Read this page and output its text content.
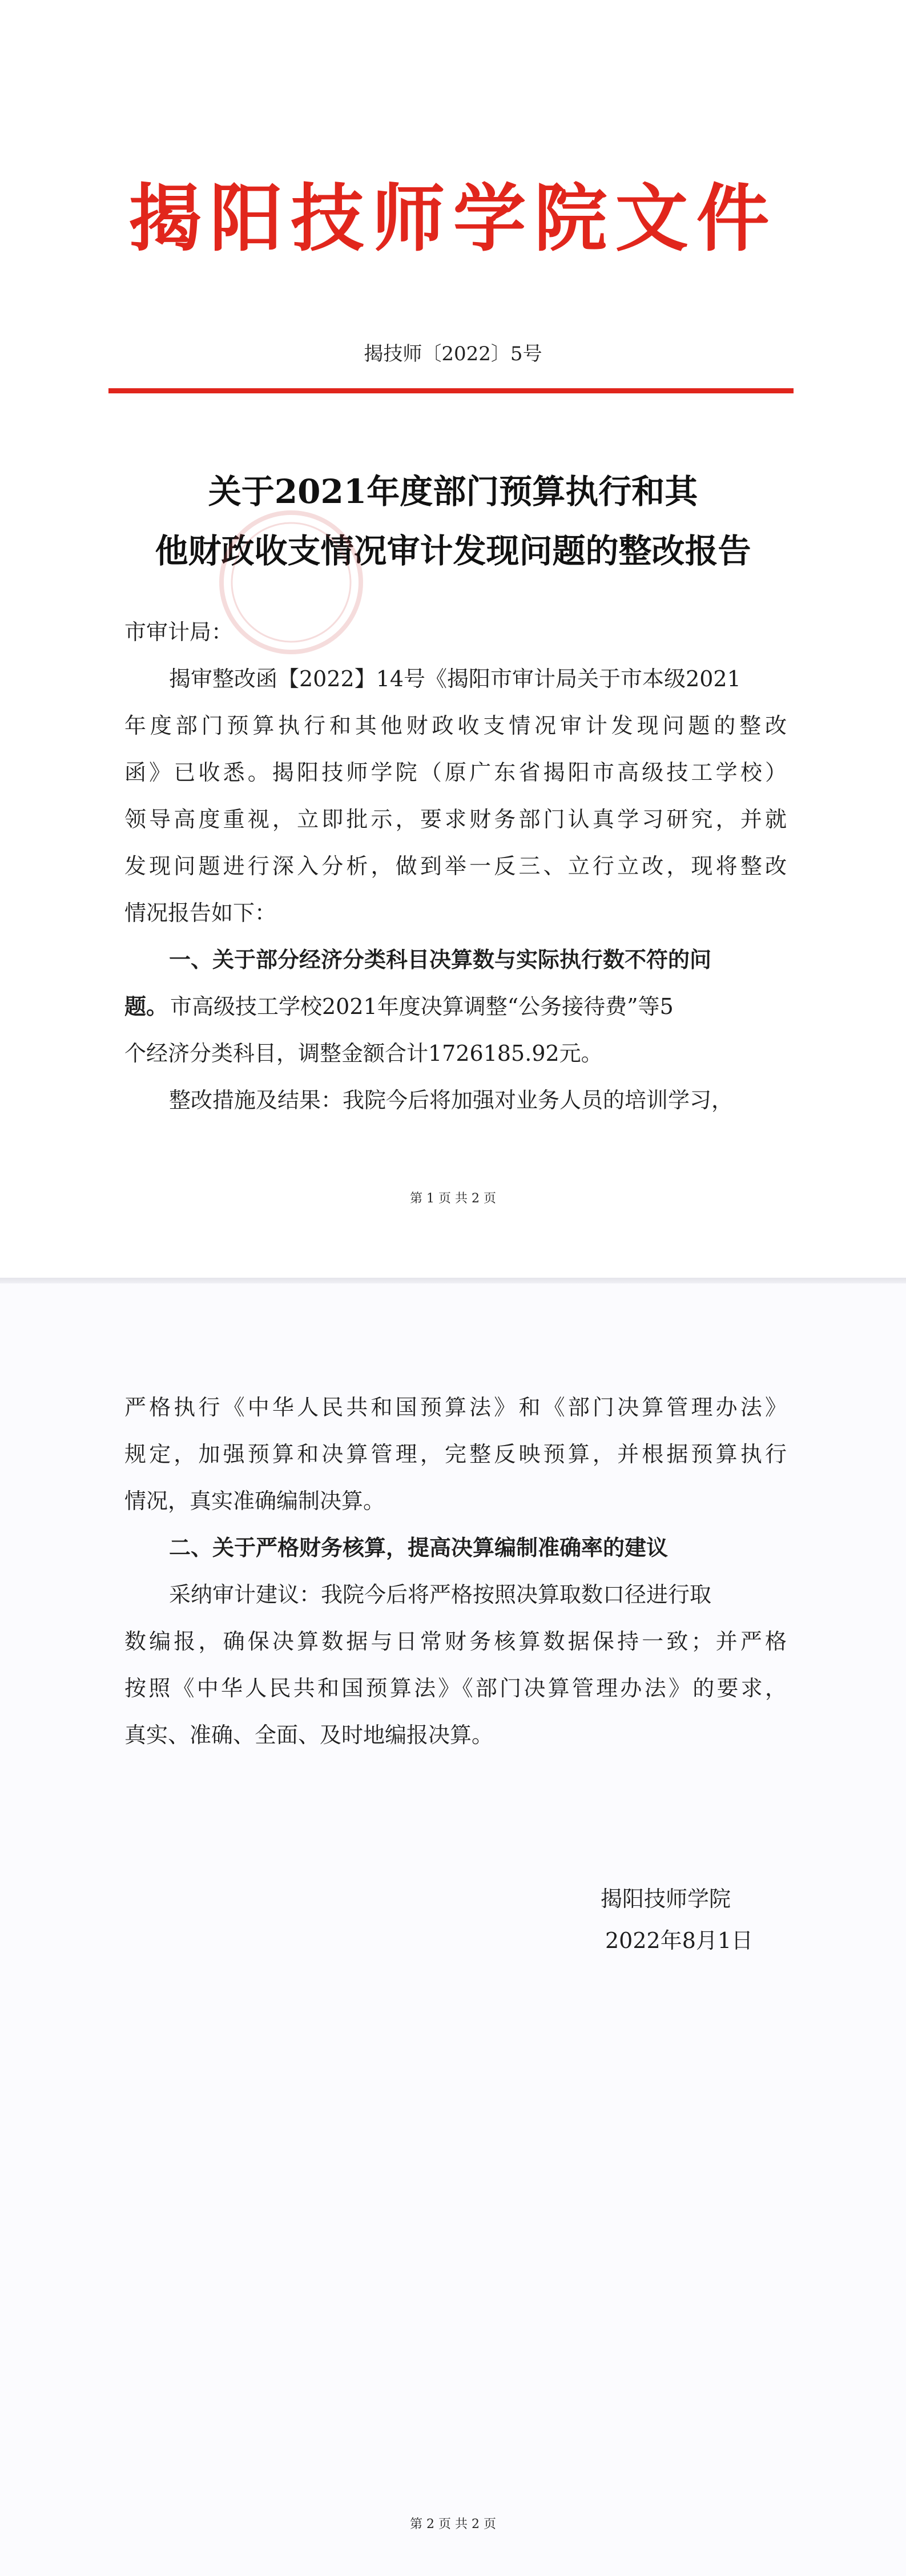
揭阳技师学院文件
揭技师〔2022〕5号
关于2021年度部门预算执行和其
他财政收支情况审计发现问题的整改报告
市审计局：
揭审整改函【2022】14号《揭阳市审计局关于市本级2021
年度部门预算执行和其他财政收支情况审计发现问题的整改
函》已收悉。揭阳技师学院（原广东省揭阳市高级技工学校）
领导高度重视，立即批示，要求财务部门认真学习研究，并就
发现问题进行深入分析，做到举一反三、立行立改，现将整改
情况报告如下：
一、关于部分经济分类科目决算数与实际执行数不符的问
题。 市高级技工学校2021年度决算调整“公务接待费”等5
个经济分类科目，调整金额合计1726185.92元。
整改措施及结果：我院今后将加强对业务人员的培训学习，
第 1 页 共 2 页
严格执行《中华人民共和国预算法》和《部门决算管理办法》
规定，加强预算和决算管理，完整反映预算，并根据预算执行
情况，真实准确编制决算。
二、关于严格财务核算，提高决算编制准确率的建议
采纳审计建议：我院今后将严格按照决算取数口径进行取
数编报，确保决算数据与日常财务核算数据保持一致；并严格
按照《中华人民共和国预算法》《部门决算管理办法》的要求，
真实、准确、全面、及时地编报决算。
揭阳技师学院
2022年8月1日
第 2 页 共 2 页
